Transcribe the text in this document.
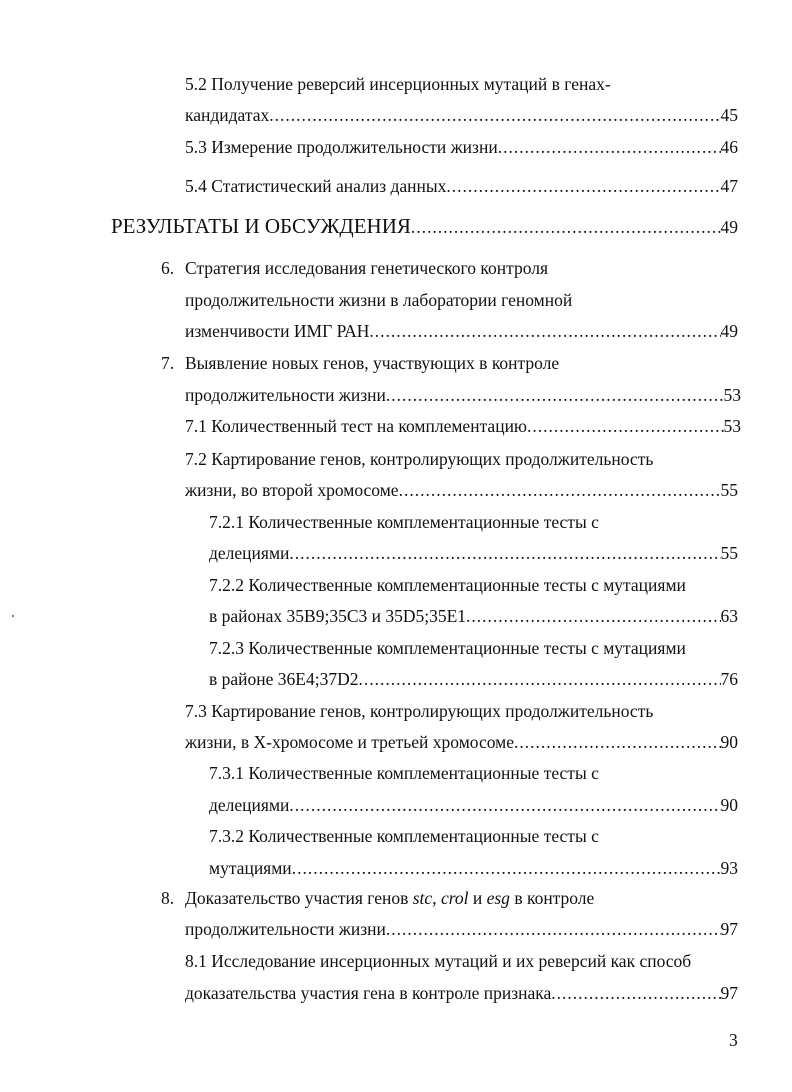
5.2 Получение реверсий инсерционных мутаций в генах-
кандидатах .....	45
5.3 Измерение продолжительности жизни .....	46
5.4 Статистический анализ данных .....	47
РЕЗУЛЬТАТЫ И ОБСУЖДЕНИЯ .....	49
6. Стратегия исследования генетического контроля
продолжительности жизни в лаборатории геномной
изменчивости ИМГ РАН .....	49
7. Выявление новых генов, участвующих в контроле
продолжительности жизни .....	53
7.1 Количественный тест на комплементацию .....	53
7.2 Картирование генов, контролирующих продолжительность
жизни, во второй хромосоме .....	55
7.2.1 Количественные комплементационные тесты с
делециями .....	55
7.2.2 Количественные комплементационные тесты с мутациями
в районах 35B9;35C3 и 35D5;35E1 .....	63
7.2.3 Количественные комплементационные тесты с мутациями
в районе 36E4;37D2 .....	76
7.3 Картирование генов, контролирующих продолжительность
жизни, в Х-хромосоме и третьей хромосоме .....	90
7.3.1 Количественные комплементационные тесты с
делециями .....	90
7.3.2 Количественные комплементационные тесты с
мутациями .....	93
8. Доказательство участия генов stc, crol и esg в контроле
продолжительности жизни .....	97
8.1 Исследование инсерционных мутаций и их реверсий как способ
доказательства участия гена в контроле признака .....	97
3
